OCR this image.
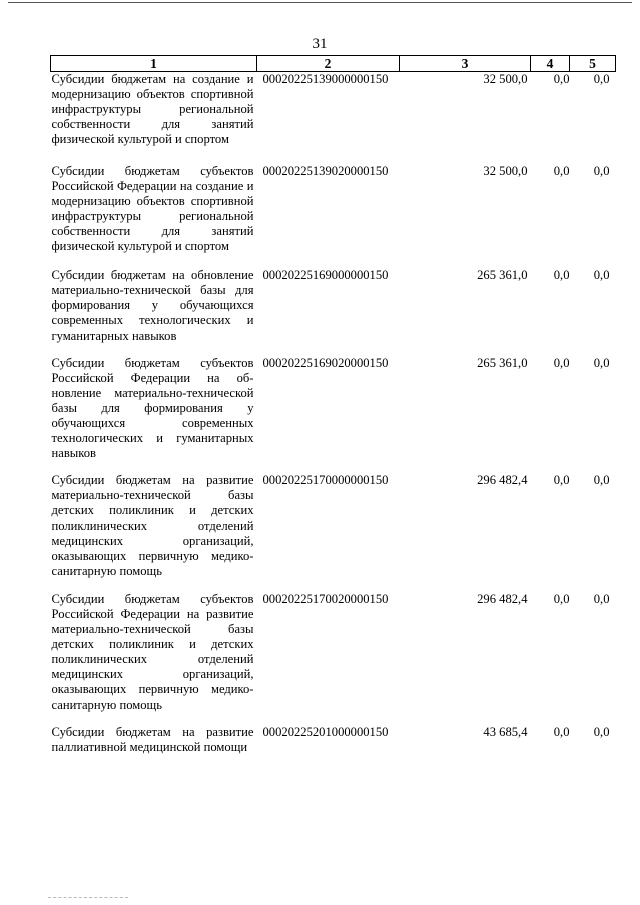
31
1	2	3	4	5
Субсидии бюджетам на создание и модернизацию объектов спортивной инфраструктуры региональной собственности для занятий физической культурой и спортом	00020225139000000150	32 500,0	0,0	0,0
Субсидии бюджетам субъектов Российской Федерации на создание и модернизацию объектов спортивной инфраструктуры региональной собственности для занятий физической культурой и спортом	00020225139020000150	32 500,0	0,0	0,0
Субсидии бюджетам на обновление материально-технической базы для формирования у обучающихся современных технологических и гуманитарных навыков	00020225169000000150	265 361,0	0,0	0,0
Субсидии бюджетам субъектов Российской Федерации на обновление материально-технической базы для формирования у обучающихся современных технологических и гуманитарных навыков	00020225169020000150	265 361,0	0,0	0,0
Субсидии бюджетам на развитие материально-технической базы детских поликлиник и детских поликлинических отделений медицинских организаций, оказывающих первичную медико-санитарную помощь	00020225170000000150	296 482,4	0,0	0,0
Субсидии бюджетам субъектов Российской Федерации на развитие материально-технической базы детских поликлиник и детских поликлинических отделений медицинских организаций, оказывающих первичную медико-санитарную помощь	00020225170020000150	296 482,4	0,0	0,0
Субсидии бюджетам на развитие паллиативной медицинской помощи	00020225201000000150	43 685,4	0,0	0,0
